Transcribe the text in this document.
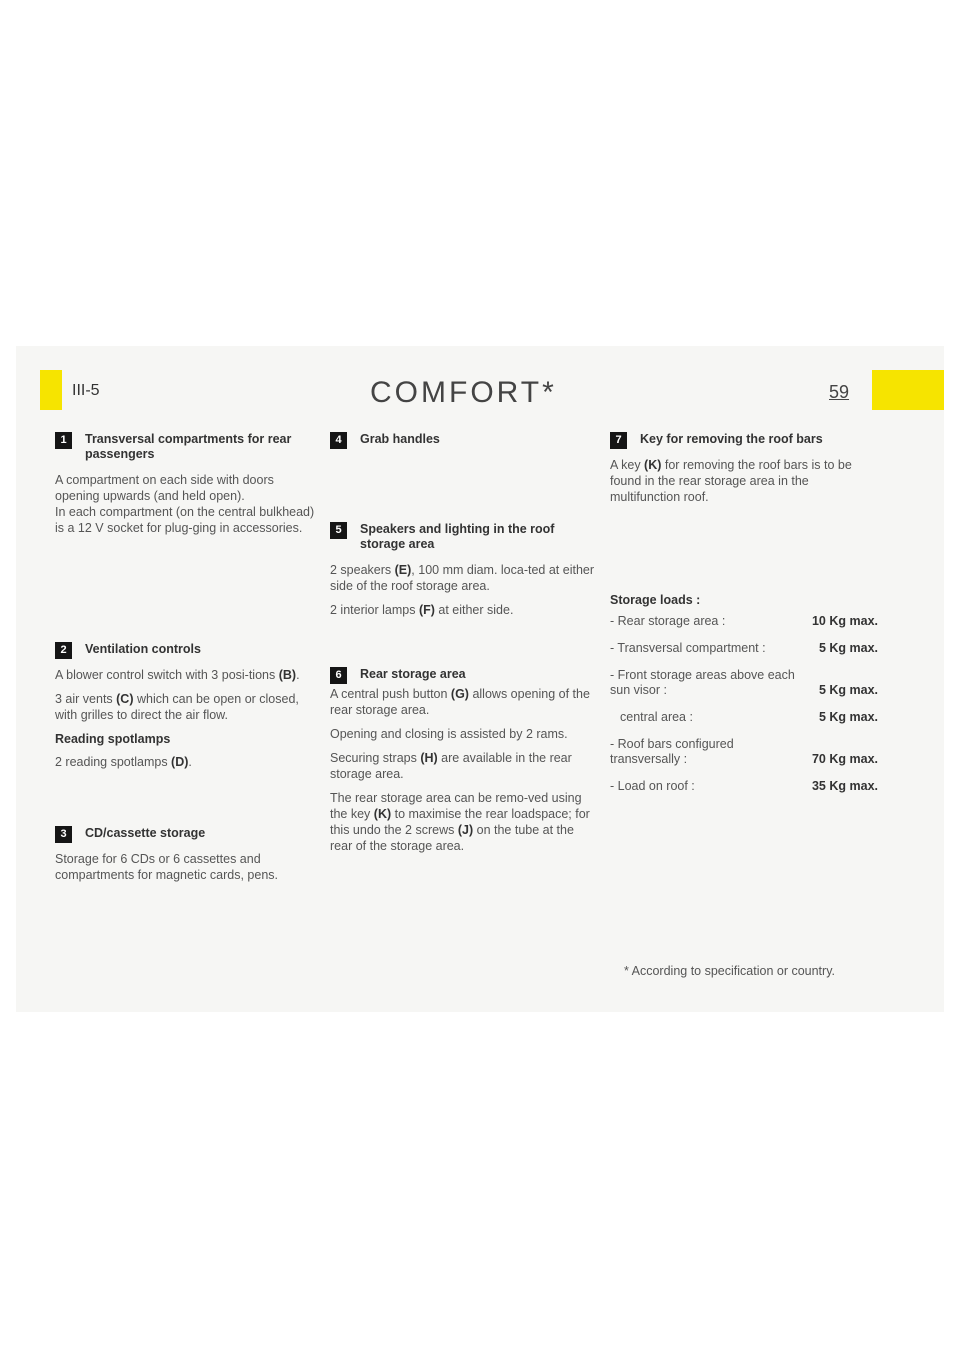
III-5	COMFORT*	59
1	Transversal compartments for rear passengers

A compartment on each side with doors opening upwards (and held open).

In each compartment (on the central bulkhead) is a 12 V socket for plug-ging in accessories.

2	Ventilation controls

A blower control switch with 3 posi-tions (B).

3 air vents (C) which can be open or closed, with grilles to direct the air flow.

Reading spotlamps

2 reading spotlamps (D).

3	CD/cassette storage

Storage for 6 CDs or 6 cassettes and compartments for magnetic cards, pens.

4	Grab handles
5	Speakers and lighting in the roof storage area

2 speakers (E), 100 mm diam. loca-ted at either side of the roof storage area.

2 interior lamps (F) at either side.

6	Rear storage area

A central push button (G) allows opening of the rear storage area.

Opening and closing is assisted by 2 rams.

Securing straps (H) are available in the rear storage area.

The rear storage area can be remo-ved using the key (K) to maximise the rear loadspace; for this undo the 2 screws (J) on the tube at the rear of the storage area.

7	Key for removing the roof bars

A key (K) for removing the roof bars is to be found in the rear storage area in the multifunction roof.

Storage loads :

- Rear storage area :	10 Kg max.
- Transversal compartment :	5 Kg max.
- Front storage areas above each sun visor :	5 Kg max.
central area :	5 Kg max.
- Roof bars configured transversally :	70 Kg max.
- Load on roof :	35 Kg max.
* According to specification or country.
